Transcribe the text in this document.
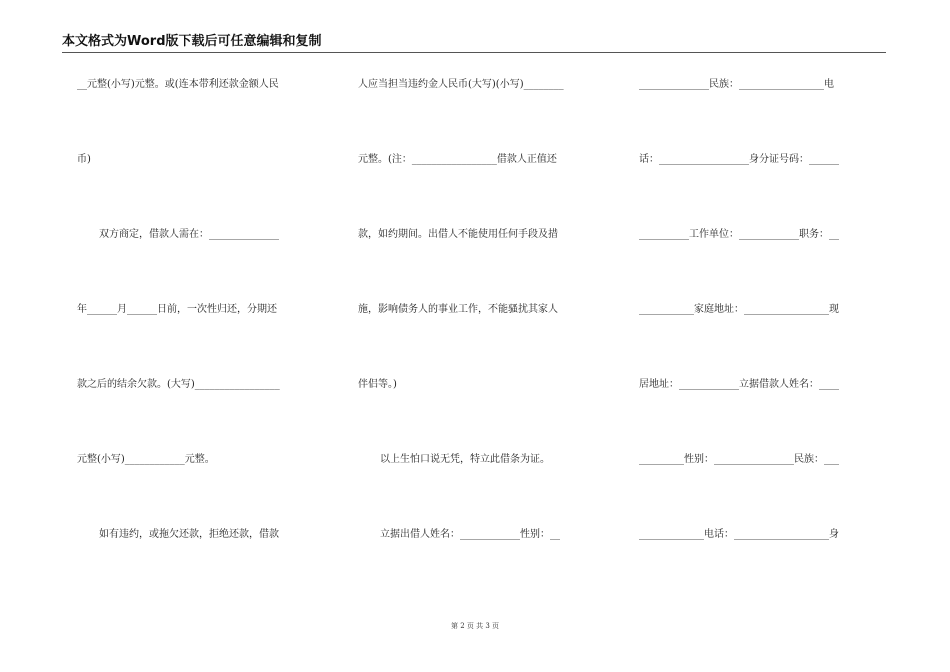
本文格式为Word版下载后可任意编辑和复制
__元整(小写)元整。或(连本带利还款金额人民
币)
双方商定，借款人需在：______________
年______月______日前，一次性归还，分期还
款之后的结余欠款。(大写)_________________
元整(小写)____________元整。
如有违约，或拖欠还款，拒绝还款，借款
人应当担当违约金人民币(大写)(小写)________
元整。(注：_________________借款人正值还
款，如约期间。出借人不能使用任何手段及措
施，影响债务人的事业工作，不能骚扰其家人
伴侣等。)
以上生怕口说无凭，特立此借条为证。
立据出借人姓名：____________性别：__
______________民族：_________________电
话：__________________身分证号码：______
__________工作单位：____________职务：__
___________家庭地址：_________________现
居地址：____________立据借款人姓名：____
_________性别：________________民族：___
_____________电话：___________________身
第 2 页 共 3 页
